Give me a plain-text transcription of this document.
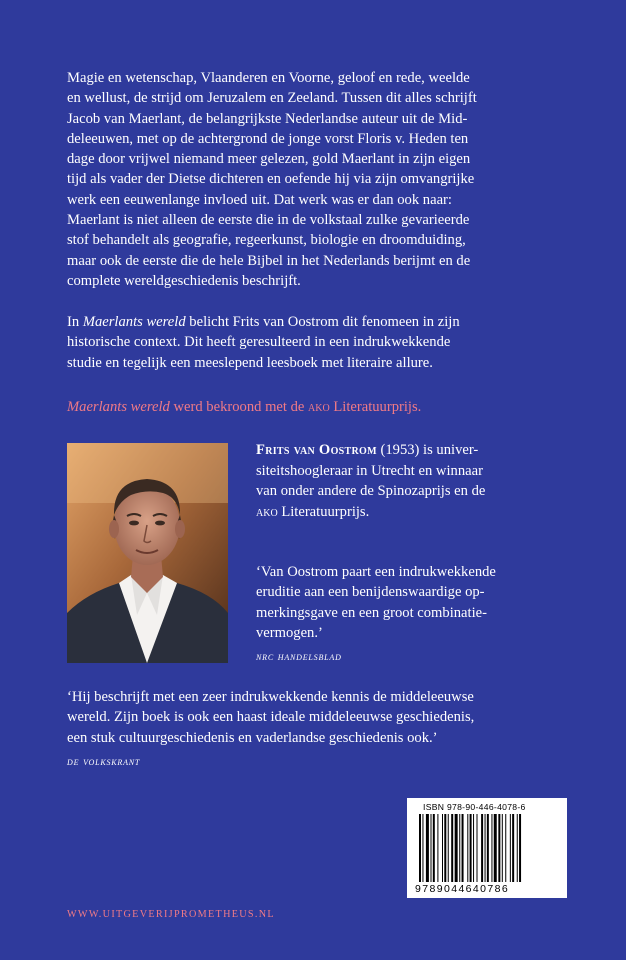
Magie en wetenschap, Vlaanderen en Voorne, geloof en rede, weelde
en wellust, de strijd om Jeruzalem en Zeeland. Tussen dit alles schrijft
Jacob van Maerlant, de belangrijkste Nederlandse auteur uit de Mid-
deleeuwen, met op de achtergrond de jonge vorst Floris v. Heden ten
dage door vrijwel niemand meer gelezen, gold Maerlant in zijn eigen
tijd als vader der Dietse dichteren en oefende hij via zijn omvangrijke
werk een eeuwenlange invloed uit. Dat werk was er dan ook naar:
Maerlant is niet alleen de eerste die in de volkstaal zulke gevarieerde
stof behandelt als geografie, regeerkunst, biologie en droomduiding,
maar ook de eerste die de hele Bijbel in het Nederlands berijmt en de
complete wereldgeschiedenis beschrijft.
In Maerlants wereld belicht Frits van Oostrom dit fenomeen in zijn
historische context. Dit heeft geresulteerd in een indrukwekkende
studie en tegelijk een meeslepend leesboek met literaire allure.
Maerlants wereld werd bekroond met de ako Literatuurprijs.
Frits van Oostrom (1953) is univer-
siteitshoogleraar in Utrecht en winnaar
van onder andere de Spinozaprijs en de
ako Literatuurprijs.
‘Van Oostrom paart een indrukwekkende
eruditie aan een benijdenswaardige op-
merkingsgave en een groot combinatie-
vermogen.’
nrc handelsblad
‘Hij beschrijft met een zeer indrukwekkende kennis de middeleeuwse
wereld. Zijn boek is ook een haast ideale middeleeuwse geschiedenis,
een stuk cultuurgeschiedenis en vaderlandse geschiedenis ook.’
de volkskrant
ISBN 978-90-446-4078-6
9789044640786
WWW.UITGEVERIJPROMETHEUS.NL
